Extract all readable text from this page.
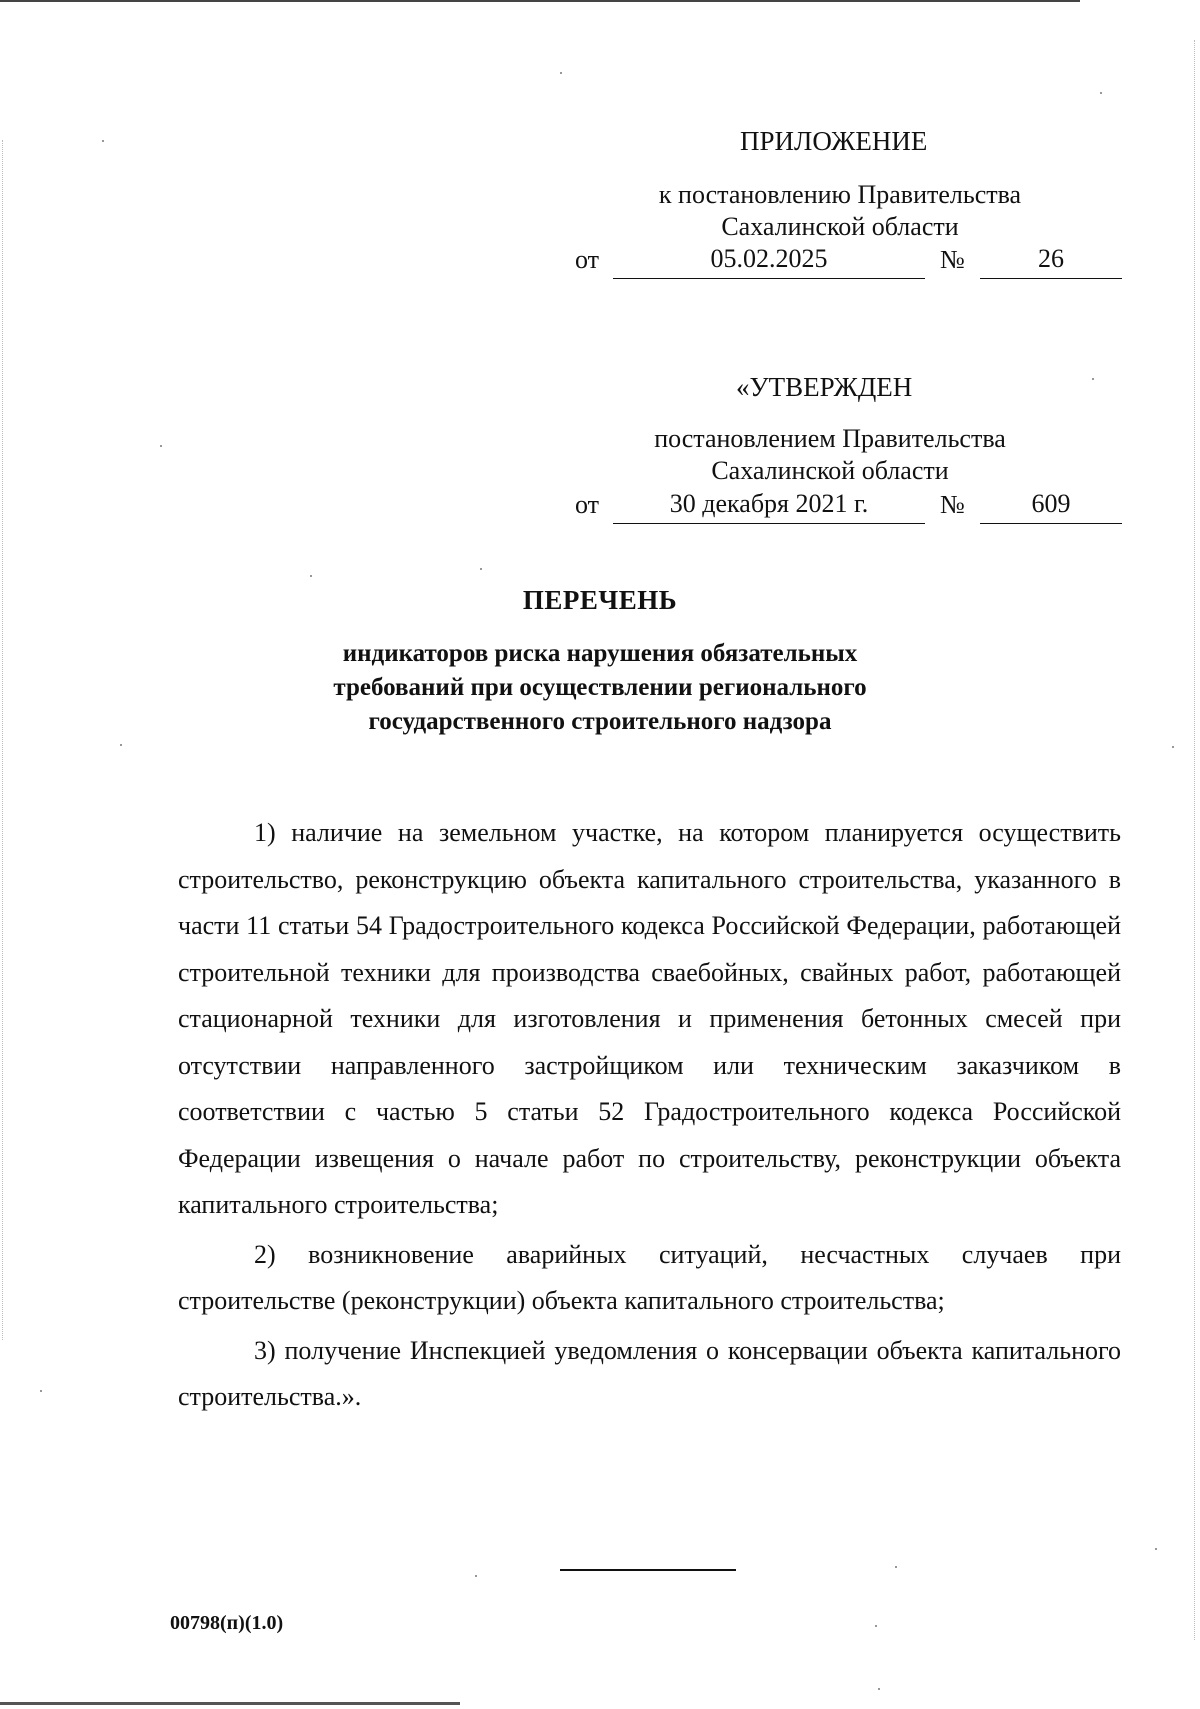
ПРИЛОЖЕНИЕ
к постановлению Правительства
Сахалинской области
от	05.02.2025	№	26
«УТВЕРЖДЕН
постановлением Правительства
Сахалинской области
от	30 декабря 2021 г.	№	609
ПЕРЕЧЕНЬ
индикаторов риска нарушения обязательных
требований при осуществлении регионального
государственного строительного надзора

1) наличие на земельном участке, на котором планируется осуществить строительство, реконструкцию объекта капитального строительства, указанного в части 11 статьи 54 Градостроительного кодекса Российской Федерации, работающей строительной техники для производства сваебойных, свайных работ, работающей стационарной техники для изготовления и применения бетонных смесей при отсутствии направленного застройщиком или техническим заказчиком в соответствии с частью 5 статьи 52 Градостроительного кодекса Российской Федерации извещения о начале работ по строительству, реконструкции объекта капитального строительства;

2) возникновение аварийных ситуаций, несчастных случаев при строительстве (реконструкции) объекта капитального строительства;

3) получение Инспекцией уведомления о консервации объекта капитального строительства.».

00798(п)(1.0)
